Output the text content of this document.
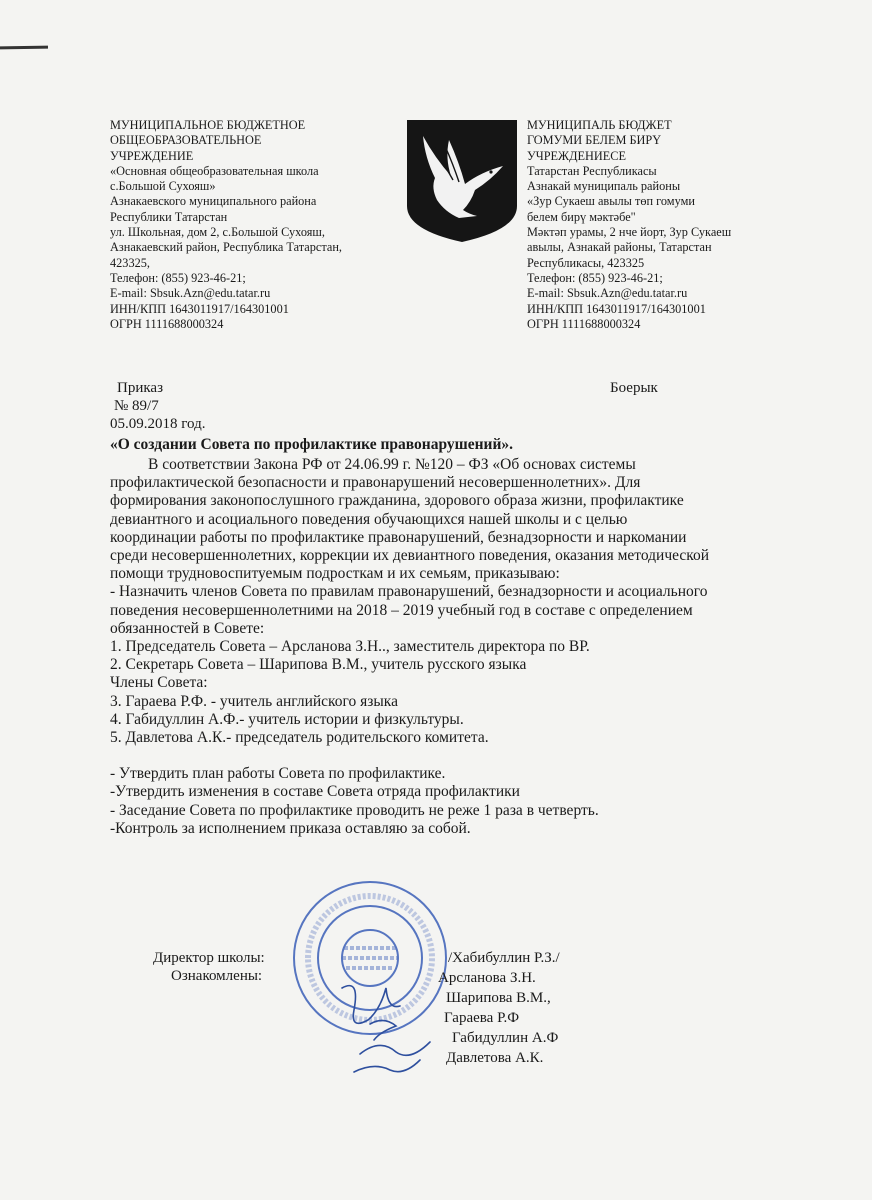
МУНИЦИПАЛЬНОЕ БЮДЖЕТНОЕ
ОБЩЕОБРАЗОВАТЕЛЬНОЕ
УЧРЕЖДЕНИЕ
«Основная общеобразовательная школа
с.Большой Сухояш»
Азнакаевского муниципального района
Республики Татарстан
ул. Школьная, дом 2, с.Большой Сухояш,
Азнакаевский район, Республика Татарстан,
423325,
Телефон: (855) 923-46-21;
E-mail: Sbsuk.Azn@edu.tatar.ru
ИНН/КПП 1643011917/164301001
ОГРН 1111688000324
МУНИЦИПАЛЬ БЮДЖЕТ
ГОМУМИ БЕЛЕМ БИРҮ
УЧРЕЖДЕНИЕСЕ
Татарстан Республикасы
Азнакай муниципаль районы
«Зур Сукаеш авылы төп гомуми
белем бирү мәктәбе"
Мәктәп урамы, 2 нче йорт, Зур Сукаеш
авылы, Азнакай районы, Татарстан
Республикасы, 423325
Телефон: (855) 923-46-21;
E-mail: Sbsuk.Azn@edu.tatar.ru
ИНН/КПП 1643011917/164301001
ОГРН 1111688000324
Приказ	Боерык
№ 89/7
05.09.2018 год.
«О создании Совета по профилактике правонарушений».

В соответствии Закона РФ от 24.06.99 г. №120 – ФЗ «Об основах системы

профилактической безопасности и правонарушений несовершеннолетних». Для

формирования законопослушного гражданина, здорового образа жизни, профилактике

девиантного и асоциального поведения обучающихся нашей школы и с целью

координации работы по профилактике правонарушений, безнадзорности и наркомании

среди несовершеннолетних, коррекции их девиантного поведения, оказания методической

помощи трудновоспитуемым подросткам и их семьям, приказываю:

- Назначить членов Совета по правилам правонарушений, безнадзорности и асоциального

поведения несовершеннолетними на 2018 – 2019 учебный год в составе с определением

обязанностей в Совете:

1. Председатель Совета – Арсланова З.Н.., заместитель директора по ВР.

2. Секретарь Совета – Шарипова В.М., учитель русского языка

Члены Совета:

3. Гараева Р.Ф. - учитель английского языка

4. Габидуллин А.Ф.- учитель истории и физкультуры.

5. Давлетова А.К.- председатель родительского комитета.

- Утвердить план работы Совета по профилактике.

-Утвердить изменения в составе Совета отряда профилактики

- Заседание Совета по профилактике проводить не реже 1 раза в четверть.

-Контроль за исполнением приказа оставляю за собой.

Директор школы:
Ознакомлены:
/Хабибуллин Р.З./
Арсланова З.Н.
Шарипова В.М.,
Гараева Р.Ф
Габидуллин А.Ф
Давлетова А.К.
